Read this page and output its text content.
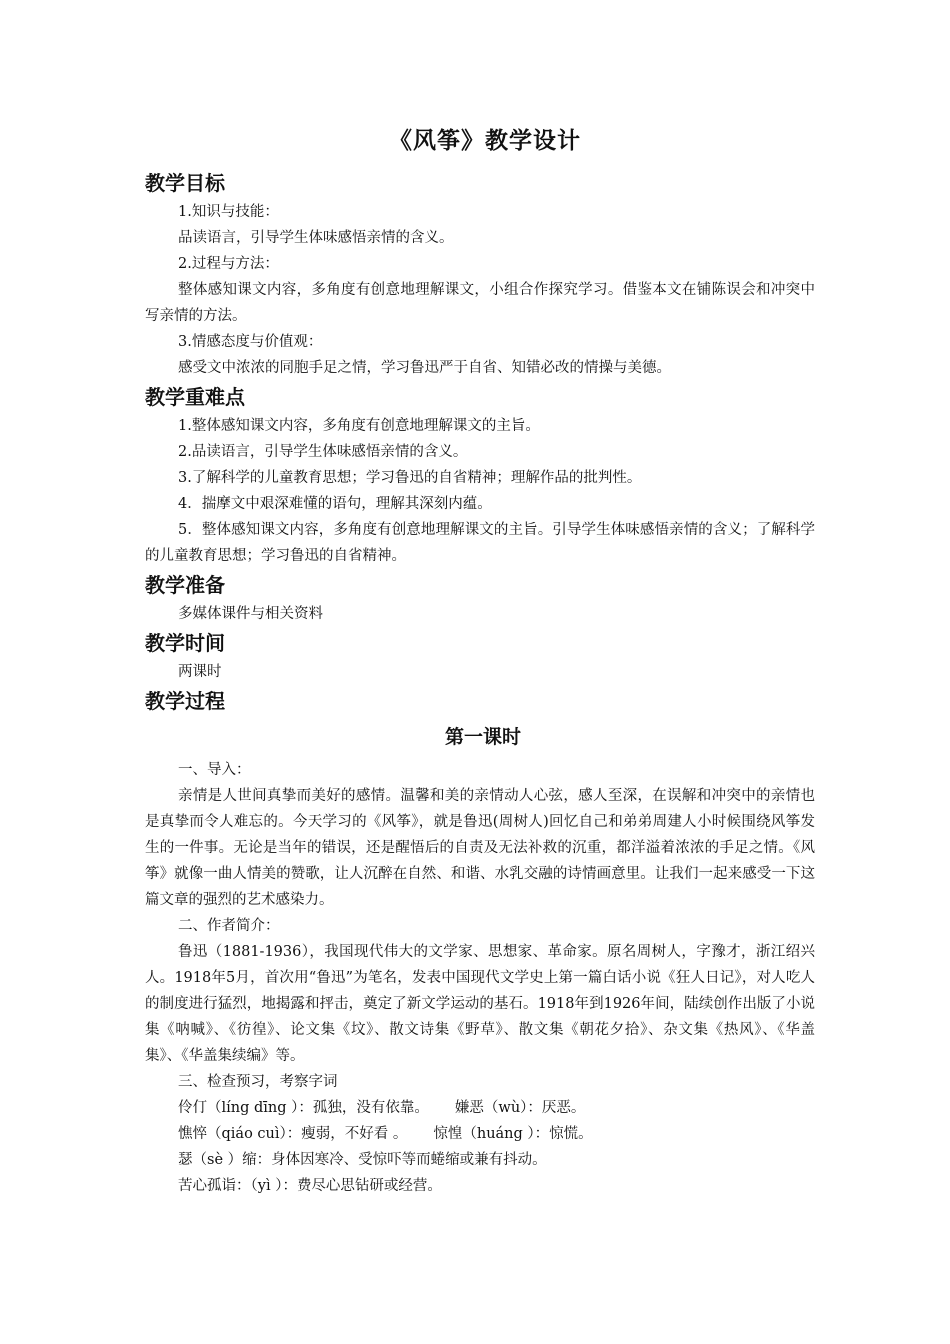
《风筝》教学设计
教学目标

1.知识与技能：

品读语言，引导学生体味感悟亲情的含义。

2.过程与方法：

整体感知课文内容，多角度有创意地理解课文，小组合作探究学习。借鉴本文在铺陈误会和冲突中写亲情的方法。

3.情感态度与价值观：

感受文中浓浓的同胞手足之情，学习鲁迅严于自省、知错必改的情操与美德。

教学重难点

1.整体感知课文内容，多角度有创意地理解课文的主旨。

2.品读语言，引导学生体味感悟亲情的含义。

3.了解科学的儿童教育思想；学习鲁迅的自省精神；理解作品的批判性。

4．揣摩文中艰深难懂的语句，理解其深刻内蕴。

5．整体感知课文内容，多角度有创意地理解课文的主旨。引导学生体味感悟亲情的含义；了解科学的儿童教育思想；学习鲁迅的自省精神。

教学准备

多媒体课件与相关资料

教学时间

两课时

教学过程
第一课时

一、导入：

亲情是人世间真挚而美好的感情。温馨和美的亲情动人心弦，感人至深，在误解和冲突中的亲情也是真挚而令人难忘的。今天学习的《风筝》，就是鲁迅(周树人)回忆自己和弟弟周建人小时候围绕风筝发生的一件事。无论是当年的错误，还是醒悟后的自责及无法补救的沉重，都洋溢着浓浓的手足之情。《风筝》就像一曲人情美的赞歌，让人沉醉在自然、和谐、水乳交融的诗情画意里。让我们一起来感受一下这篇文章的强烈的艺术感染力。

二、作者简介：

鲁迅（1881-1936），我国现代伟大的文学家、思想家、革命家。原名周树人，字豫才，浙江绍兴人。1918年5月，首次用“鲁迅”为笔名，发表中国现代文学史上第一篇白话小说《狂人日记》，对人吃人的制度进行猛烈，地揭露和抨击，奠定了新文学运动的基石。1918年到1926年间，陆续创作出版了小说集《呐喊》、《彷徨》、论文集《坟》、散文诗集《野草》、散文集《朝花夕拾》、杂文集《热风》、《华盖集》、《华盖集续编》等。

三、检查预习，考察字词

伶仃（líng dīng ）：孤独，没有依靠。 嫌恶（wù）：厌恶。

憔悴（qiáo cuì）：瘦弱，不好看 。 惊惶（huáng ）：惊慌。

瑟（sè ）缩：身体因寒冷、受惊吓等而蜷缩或兼有抖动。

苦心孤诣：（yì ）：费尽心思钻研或经营。
